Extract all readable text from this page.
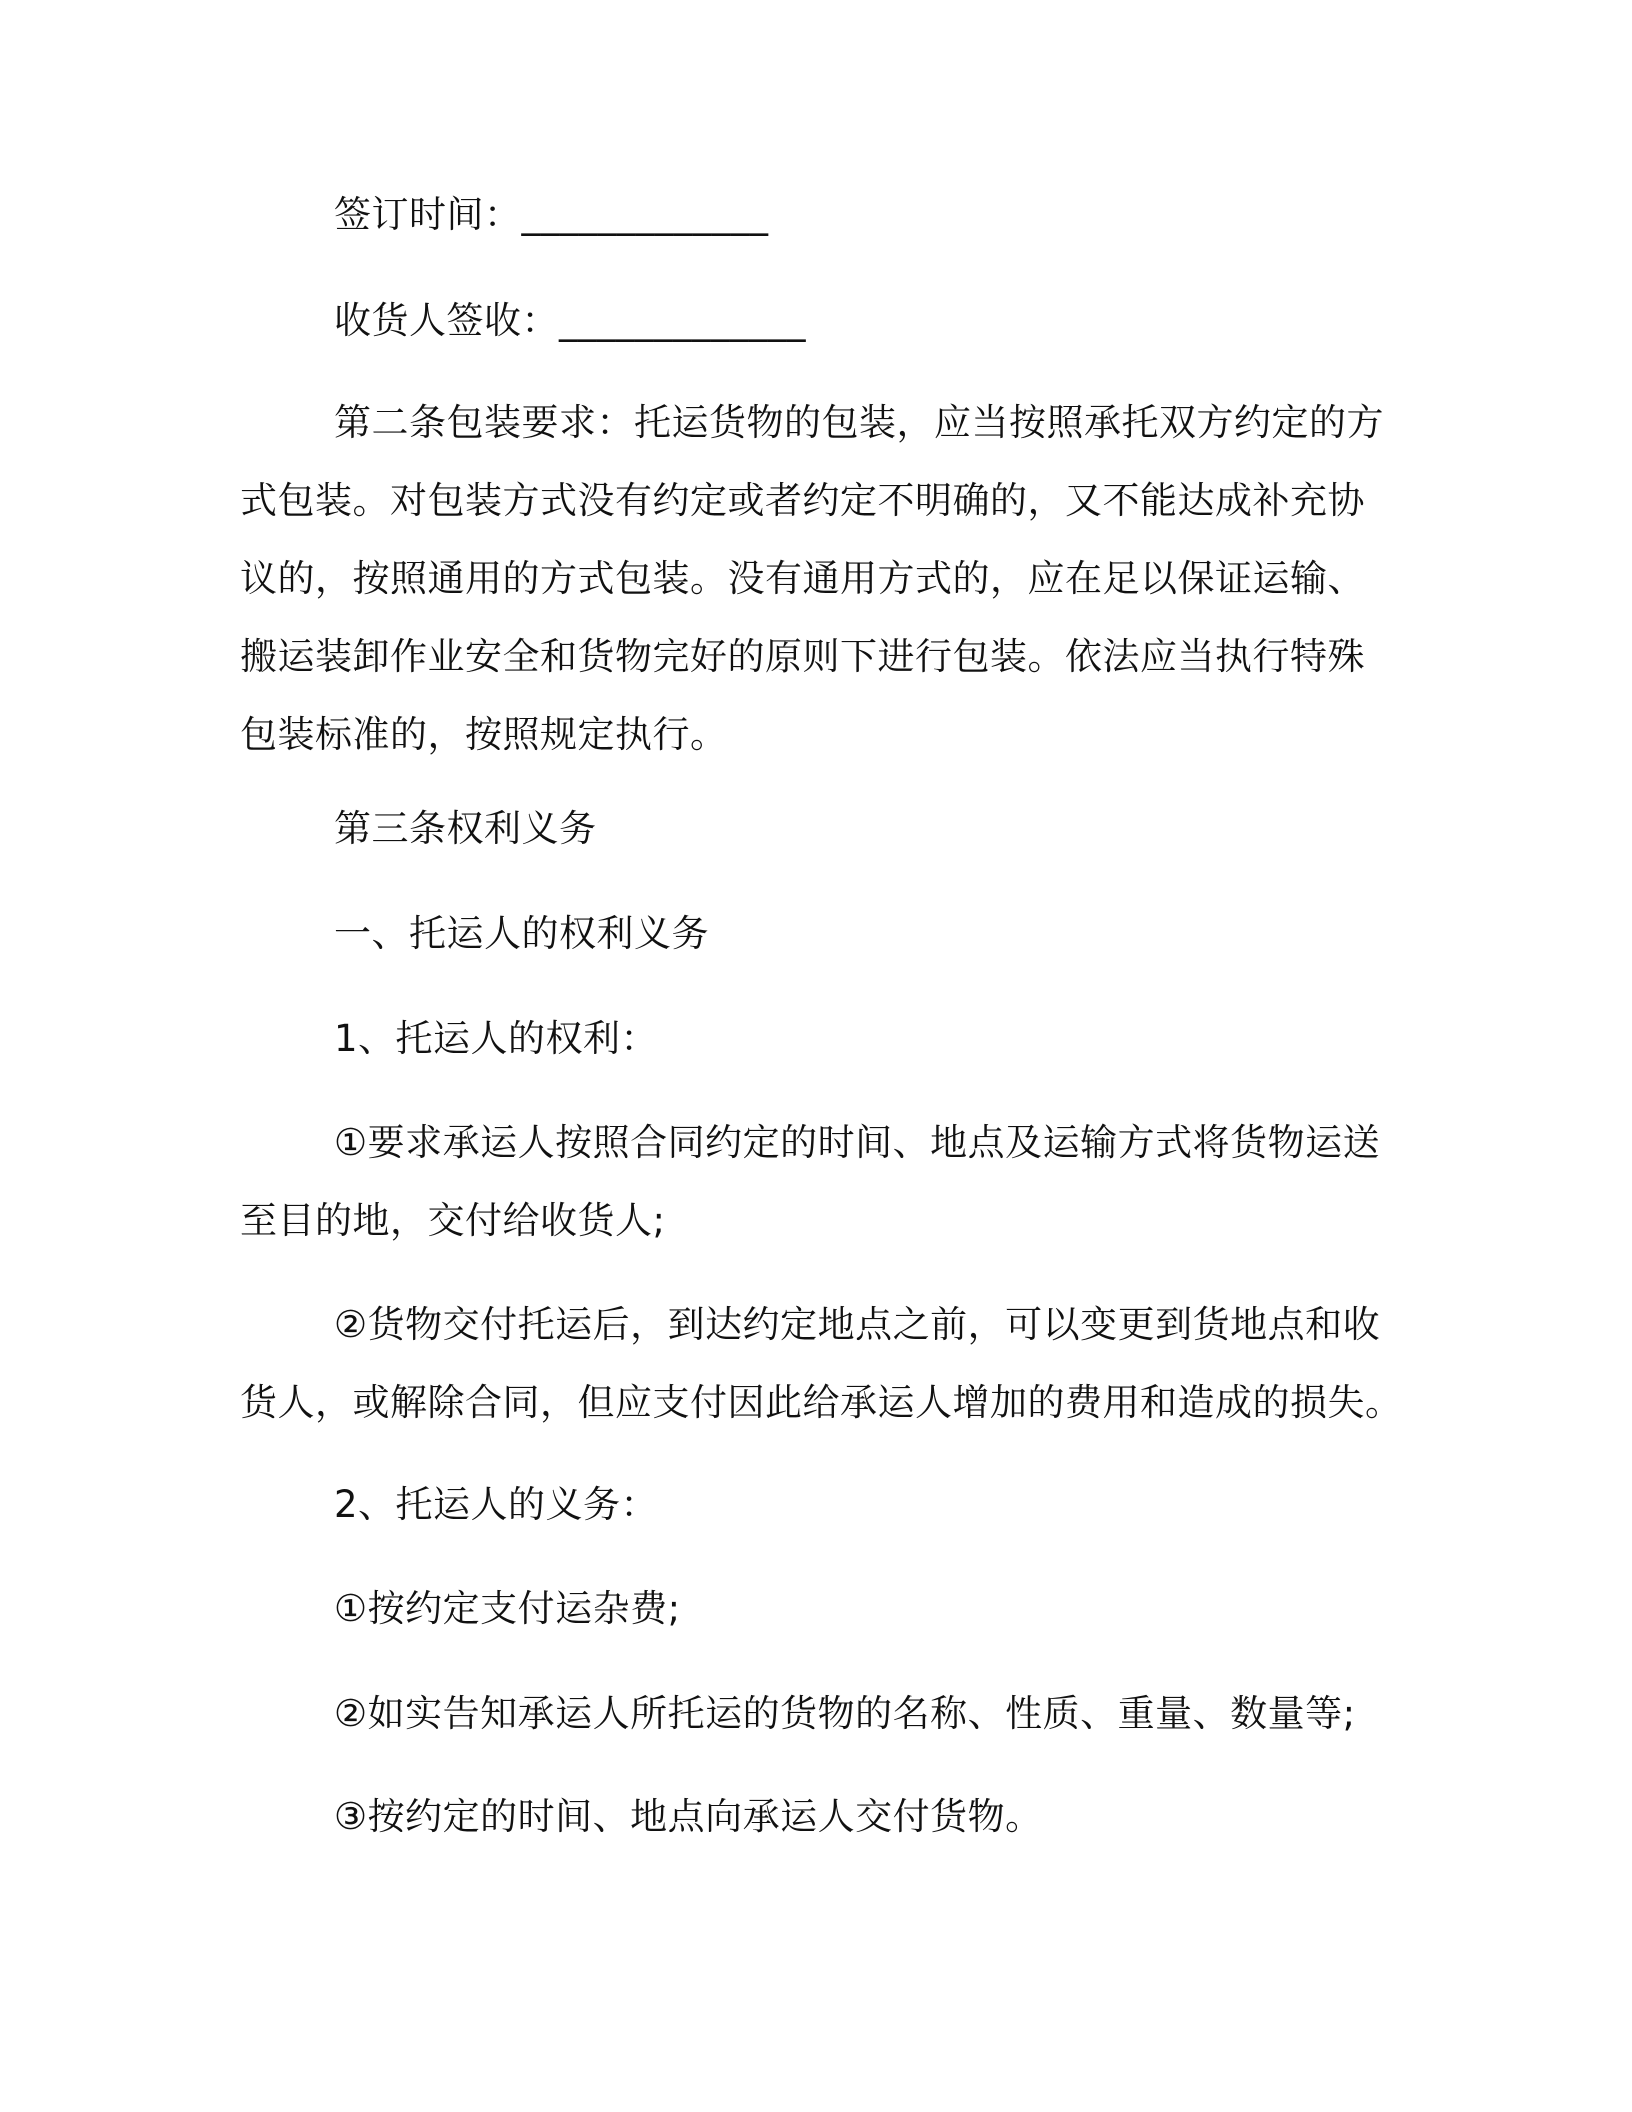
签订时间：_____________

收货人签收：_____________

第二条包装要求：托运货物的包装，应当按照承托双方约定的方
式包装。对包装方式没有约定或者约定不明确的，又不能达成补充协
议的，按照通用的方式包装。没有通用方式的，应在足以保证运输、
搬运装卸作业安全和货物完好的原则下进行包装。依法应当执行特殊
包装标准的，按照规定执行。

第三条权利义务

一、托运人的权利义务

1、托运人的权利：

①要求承运人按照合同约定的时间、地点及运输方式将货物运送
至目的地，交付给收货人;
②货物交付托运后，到达约定地点之前，可以变更到货地点和收
货人，或解除合同，但应支付因此给承运人增加的费用和造成的损失。

2、托运人的义务：

①按约定支付运杂费;

②如实告知承运人所托运的货物的名称、性质、重量、数量等;

③按约定的时间、地点向承运人交付货物。
